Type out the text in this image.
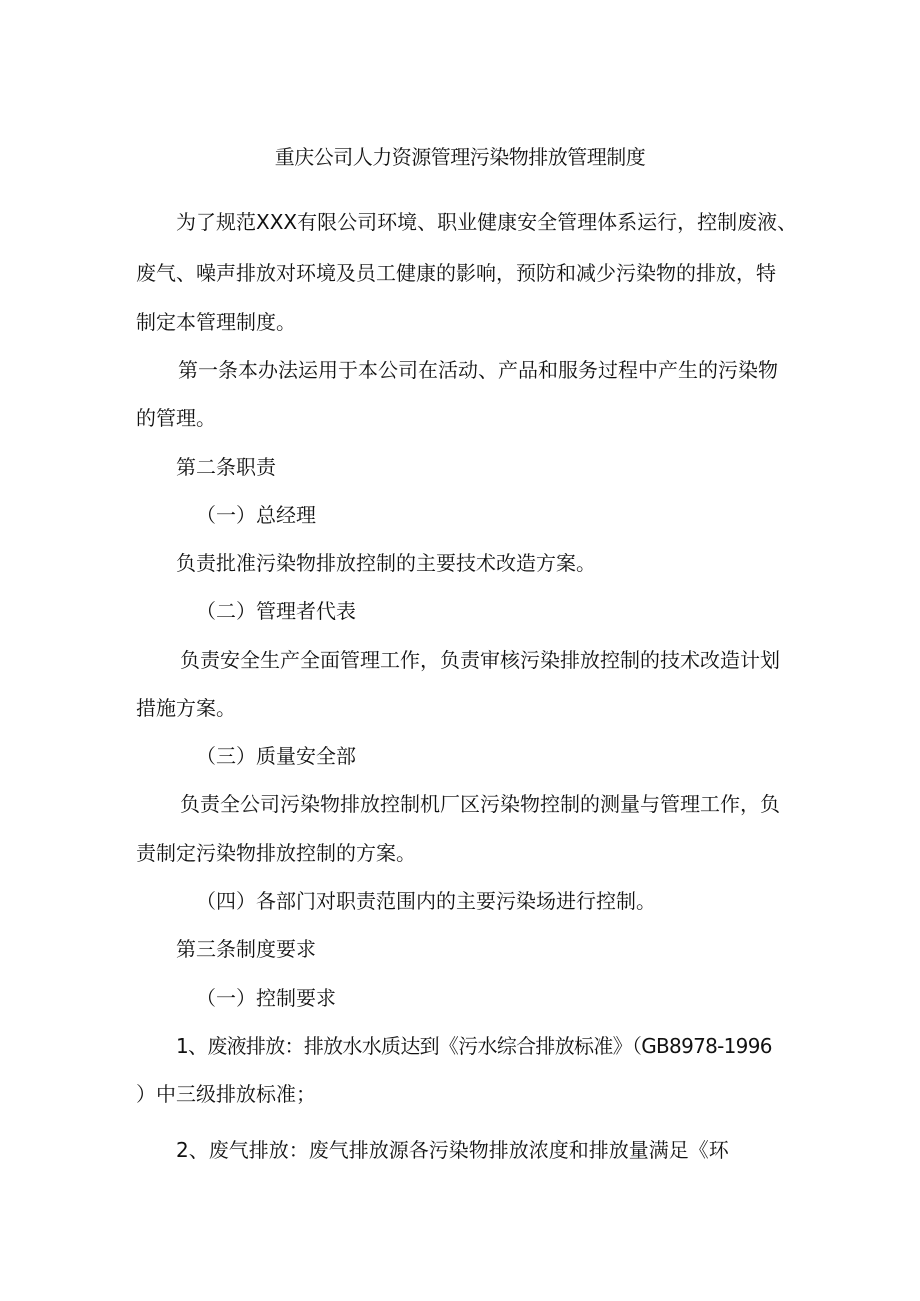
重庆公司人力资源管理污染物排放管理制度
为了规范XXX有限公司环境、职业健康安全管理体系运行，控制废液、
废气、噪声排放对环境及员工健康的影响，预防和减少污染物的排放，特
制定本管理制度。
第一条本办法运用于本公司在活动、产品和服务过程中产生的污染物
的管理。
第二条职责
（一）总经理
负责批准污染物排放控制的主要技术改造方案。
（二）管理者代表
负责安全生产全面管理工作，负责审核污染排放控制的技术改造计划
措施方案。
（三）质量安全部
负责全公司污染物排放控制机厂区污染物控制的测量与管理工作，负
责制定污染物排放控制的方案。
（四）各部门对职责范围内的主要污染场进行控制。
第三条制度要求
（一）控制要求
1、废液排放：排放水水质达到《污水综合排放标准》（GB8978-1996
）中三级排放标准；
2、废气排放：废气排放源各污染物排放浓度和排放量满足《环
